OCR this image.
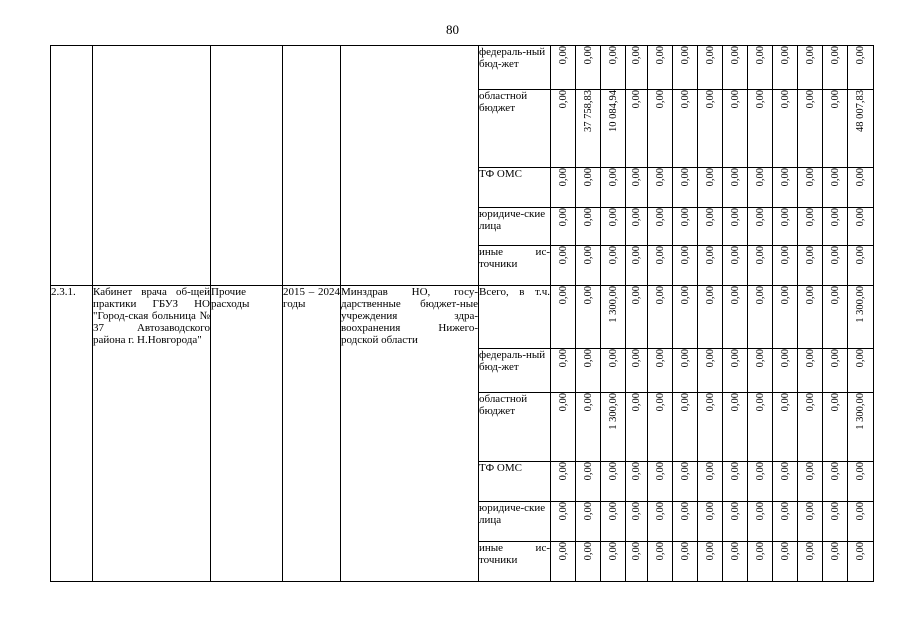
80

					федераль-ный бюд-жет	0,00	0,00	0,00	0,00	0,00	0,00	0,00	0,00	0,00	0,00	0,00	0,00	0,00

					областной бюджет	0,00	37 758,83	10 084,94	0,00	0,00	0,00	0,00	0,00	0,00	0,00	0,00	0,00	48 007,83

					ТФ ОМС	0,00	0,00	0,00	0,00	0,00	0,00	0,00	0,00	0,00	0,00	0,00	0,00	0,00

					юридиче-ские лица	0,00	0,00	0,00	0,00	0,00	0,00	0,00	0,00	0,00	0,00	0,00	0,00	0,00

					иные ис-точники	0,00	0,00	0,00	0,00	0,00	0,00	0,00	0,00	0,00	0,00	0,00	0,00	0,00

2.3.1.	Кабинет врача об-щей практики ГБУЗ НО "Город-ская больница № 37 Автозаводского района г. Н.Новгорода"	Прочие расходы	2015 – 2024 годы	Минздрав НО, госу-дарственные бюджет-ные учреждения здра-воохранения Нижего-родской области	Всего, в т.ч.	0,00	0,00	1 300,00	0,00	0,00	0,00	0,00	0,00	0,00	0,00	0,00	0,00	1 300,00

					федераль-ный бюд-жет	0,00	0,00	0,00	0,00	0,00	0,00	0,00	0,00	0,00	0,00	0,00	0,00	0,00

					областной бюджет	0,00	0,00	1 300,00	0,00	0,00	0,00	0,00	0,00	0,00	0,00	0,00	0,00	1 300,00

					ТФ ОМС	0,00	0,00	0,00	0,00	0,00	0,00	0,00	0,00	0,00	0,00	0,00	0,00	0,00

					юридиче-ские лица	0,00	0,00	0,00	0,00	0,00	0,00	0,00	0,00	0,00	0,00	0,00	0,00	0,00

					иные ис-точники	0,00	0,00	0,00	0,00	0,00	0,00	0,00	0,00	0,00	0,00	0,00	0,00	0,00
